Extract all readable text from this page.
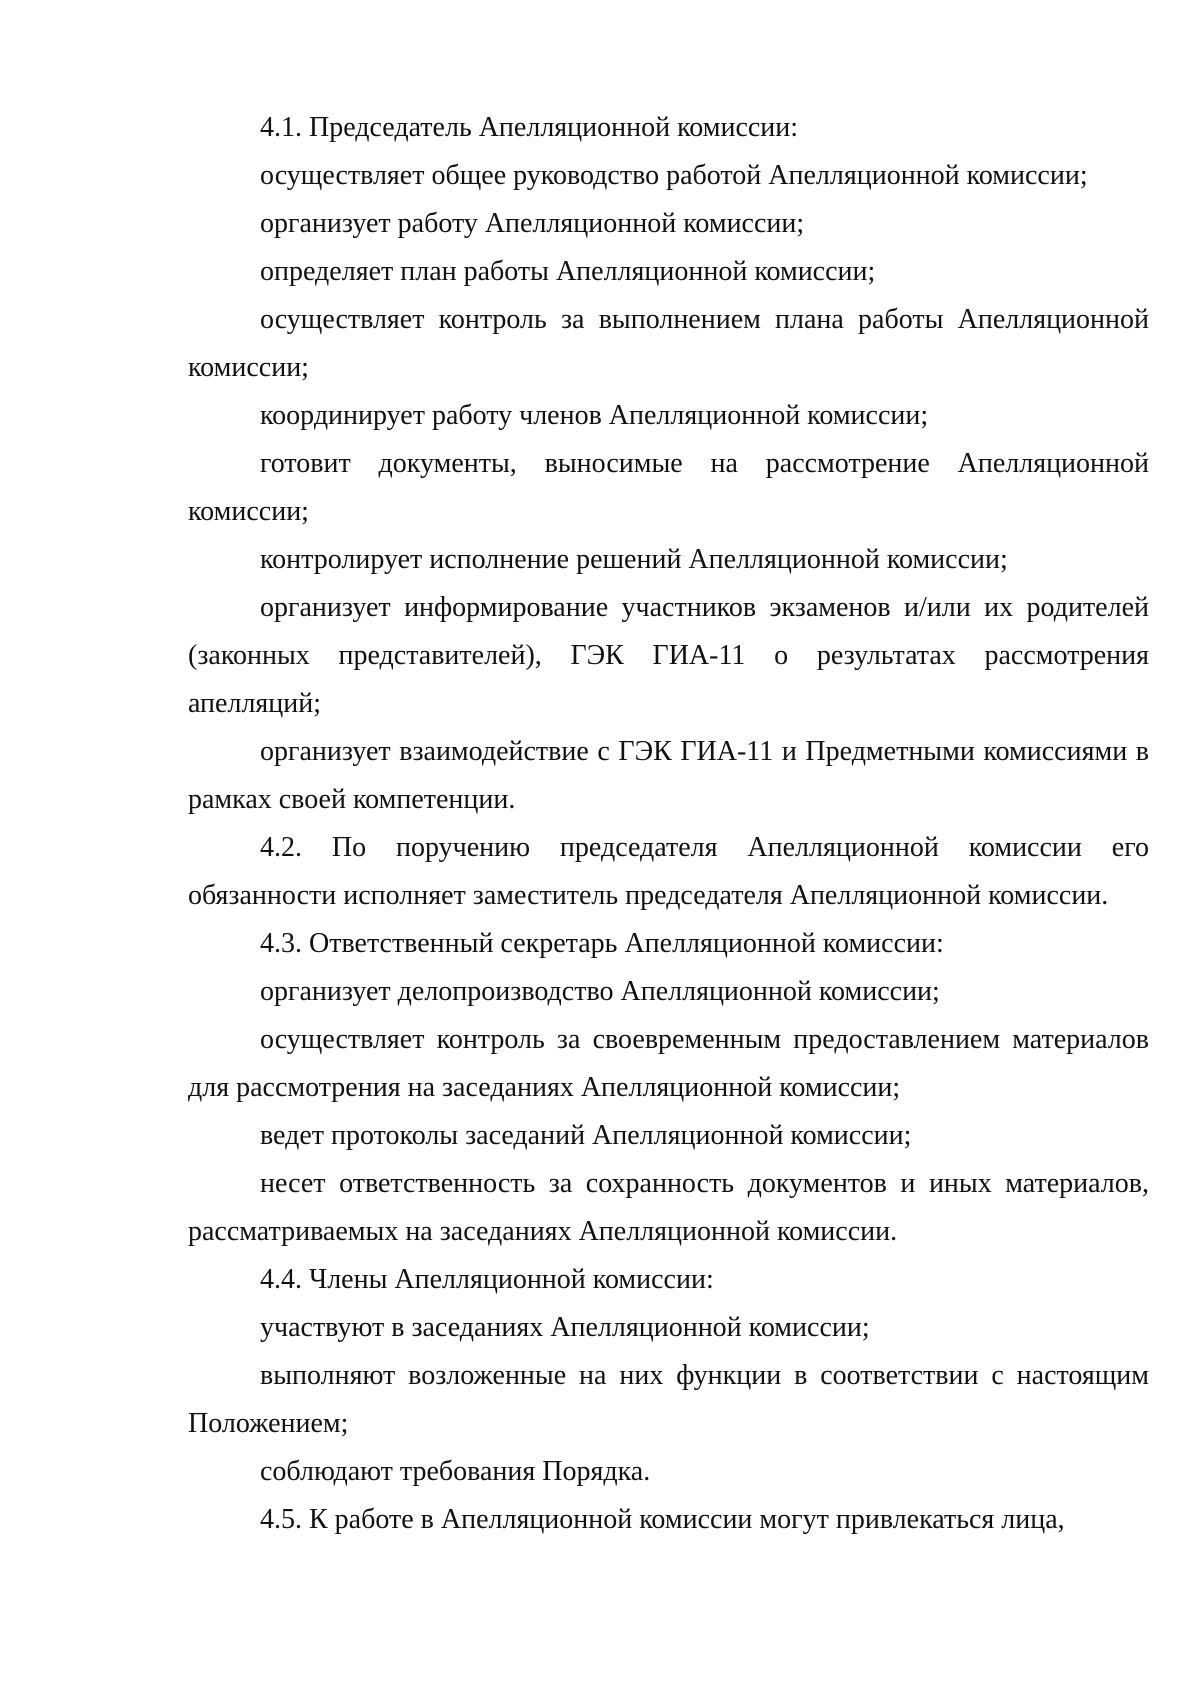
4.1. Председатель Апелляционной комиссии:

осуществляет общее руководство работой Апелляционной комиссии;

организует работу Апелляционной комиссии;

определяет план работы Апелляционной комиссии;

осуществляет контроль за выполнением плана работы Апелляционной комиссии;

координирует работу членов Апелляционной комиссии;

готовит документы, выносимые на рассмотрение Апелляционной комиссии;

контролирует исполнение решений Апелляционной комиссии;

организует информирование участников экзаменов и/или их родителей (законных представителей), ГЭК ГИА-11 о результатах рассмотрения апелляций;

организует взаимодействие с ГЭК ГИА-11 и Предметными комиссиями в рамках своей компетенции.

4.2. По поручению председателя Апелляционной комиссии его обязанности исполняет заместитель председателя Апелляционной комиссии.

4.3. Ответственный секретарь Апелляционной комиссии:

организует делопроизводство Апелляционной комиссии;

осуществляет контроль за своевременным предоставлением материалов для рассмотрения на заседаниях Апелляционной комиссии;

ведет протоколы заседаний Апелляционной комиссии;

несет ответственность за сохранность документов и иных материалов, рассматриваемых на заседаниях Апелляционной комиссии.

4.4. Члены Апелляционной комиссии:

участвуют в заседаниях Апелляционной комиссии;

выполняют возложенные на них функции в соответствии с настоящим Положением;

соблюдают требования Порядка.

4.5. К работе в Апелляционной комиссии могут привлекаться лица,
